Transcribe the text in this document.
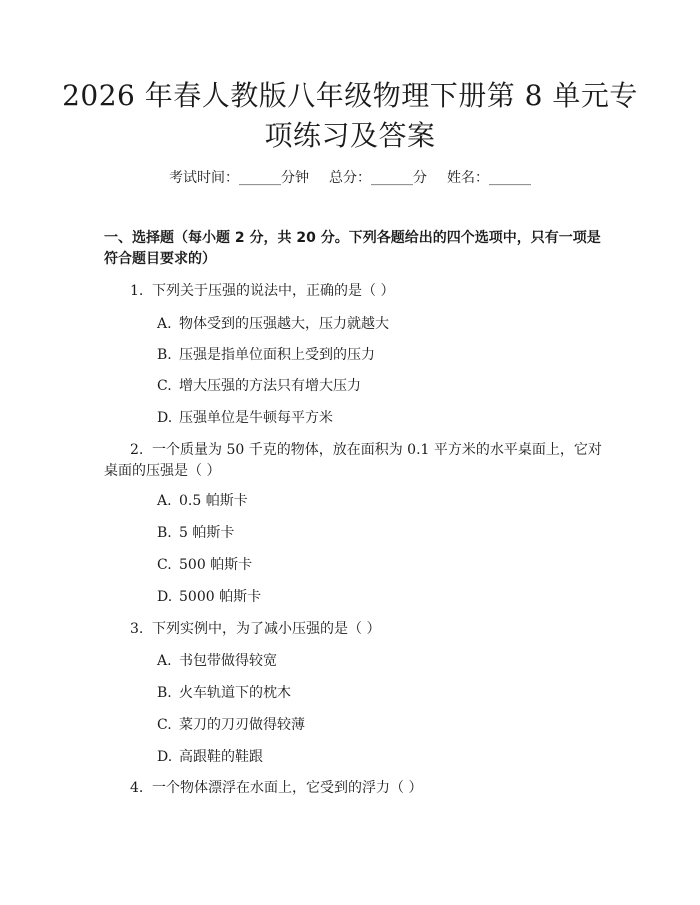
2026 年春人教版八年级物理下册第 8 单元专项练习及答案
考试时间：______分钟 总分：______分 姓名：______
一、选择题（每小题 2 分，共 20 分。下列各题给出的四个选项中，只有一项是符合题目要求的）
1. 下列关于压强的说法中，正确的是（ ）
A. 物体受到的压强越大，压力就越大
B. 压强是指单位面积上受到的压力
C. 增大压强的方法只有增大压力
D. 压强单位是牛顿每平方米
2. 一个质量为 50 千克的物体，放在面积为 0.1 平方米的水平桌面上，它对桌面的压强是（ ）
A. 0.5 帕斯卡
B. 5 帕斯卡
C. 500 帕斯卡
D. 5000 帕斯卡
3. 下列实例中，为了减小压强的是（ ）
A. 书包带做得较宽
B. 火车轨道下的枕木
C. 菜刀的刀刃做得较薄
D. 高跟鞋的鞋跟
4. 一个物体漂浮在水面上，它受到的浮力（ ）
